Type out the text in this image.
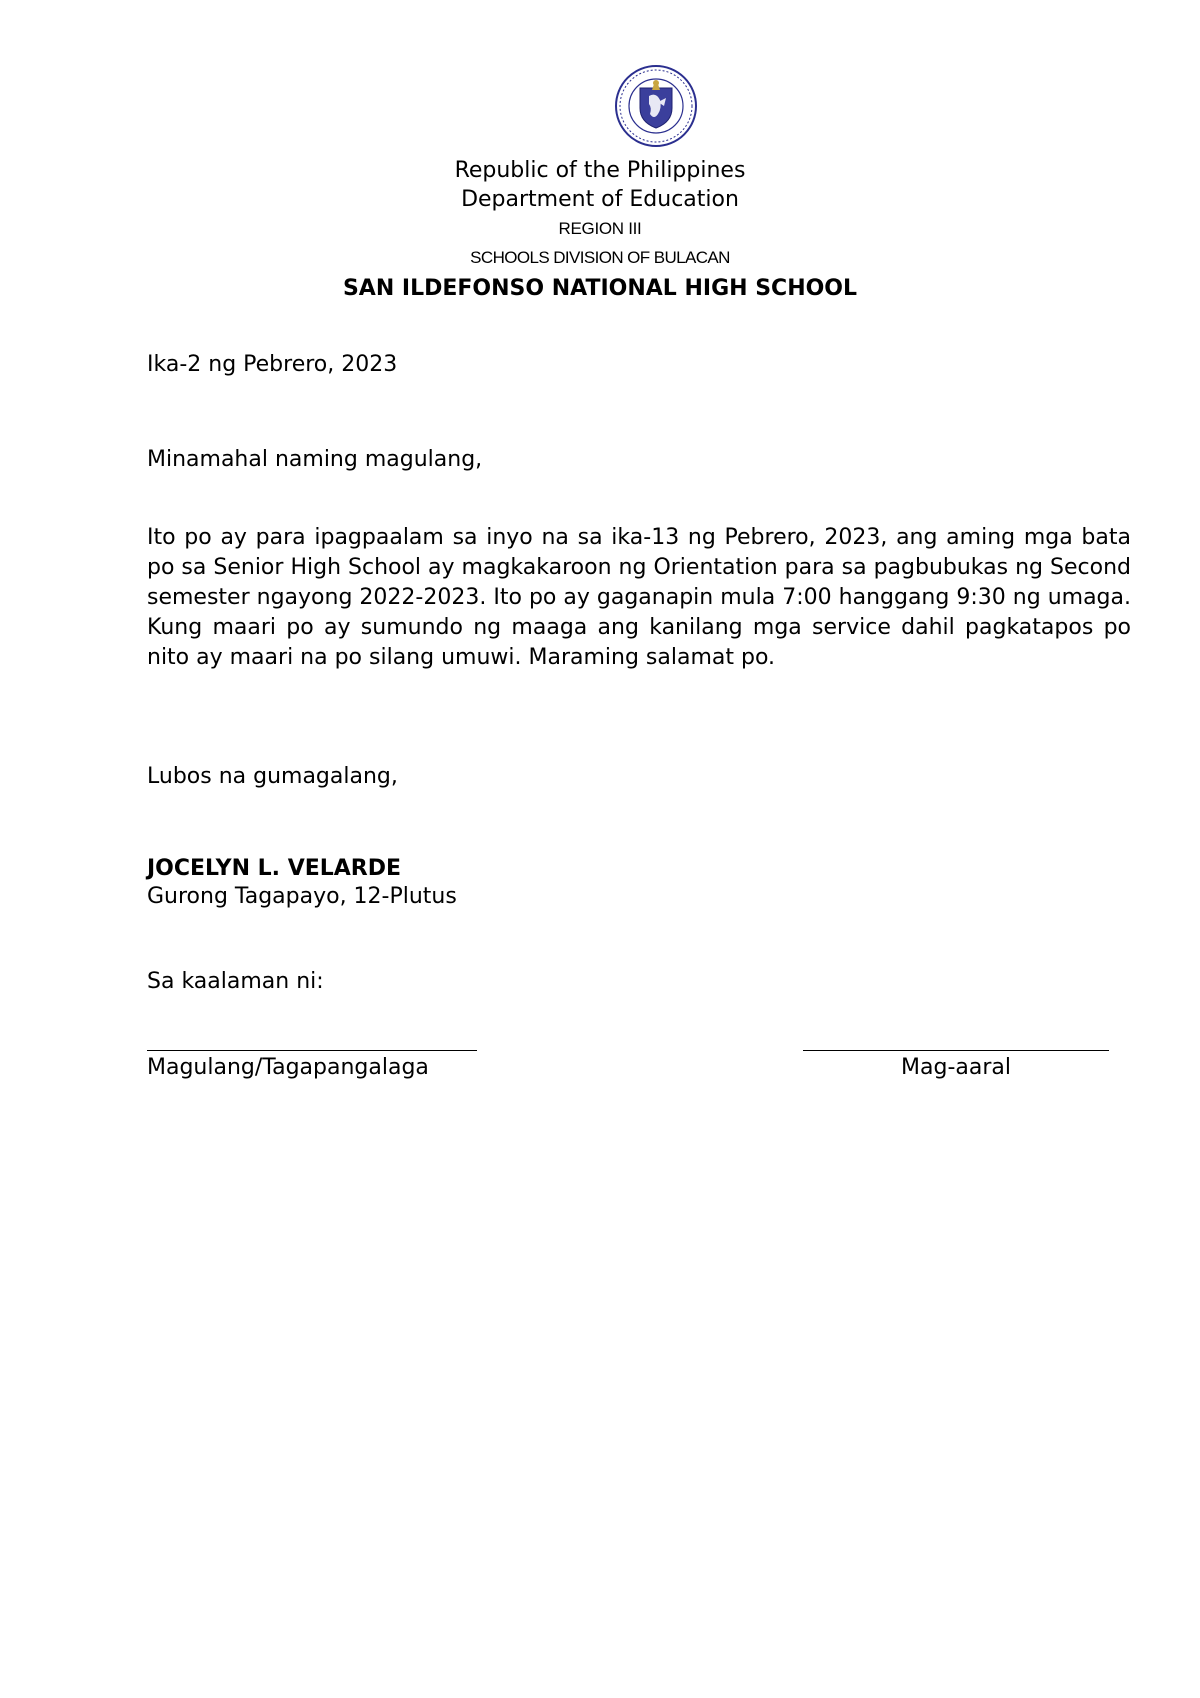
Republic of the Philippines
Department of Education
REGION III
SCHOOLS DIVISION OF BULACAN
SAN ILDEFONSO NATIONAL HIGH SCHOOL
Ika-2 ng Pebrero, 2023
Minamahal naming magulang,
Ito po ay para ipagpaalam sa inyo na sa ika-13 ng Pebrero, 2023, ang aming mga bata po sa Senior High School ay magkakaroon ng Orientation para sa pagbubukas ng Second semester ngayong 2022-2023. Ito po ay gaganapin mula 7:00 hanggang 9:30 ng umaga. Kung maari po ay sumundo ng maaga ang kanilang mga service dahil pagkatapos po nito ay maari na po silang umuwi. Maraming salamat po.
Lubos na gumagalang,
JOCELYN L. VELARDE
Gurong Tagapayo, 12-Plutus
Sa kaalaman ni:
Magulang/Tagapangalaga	Mag-aaral
